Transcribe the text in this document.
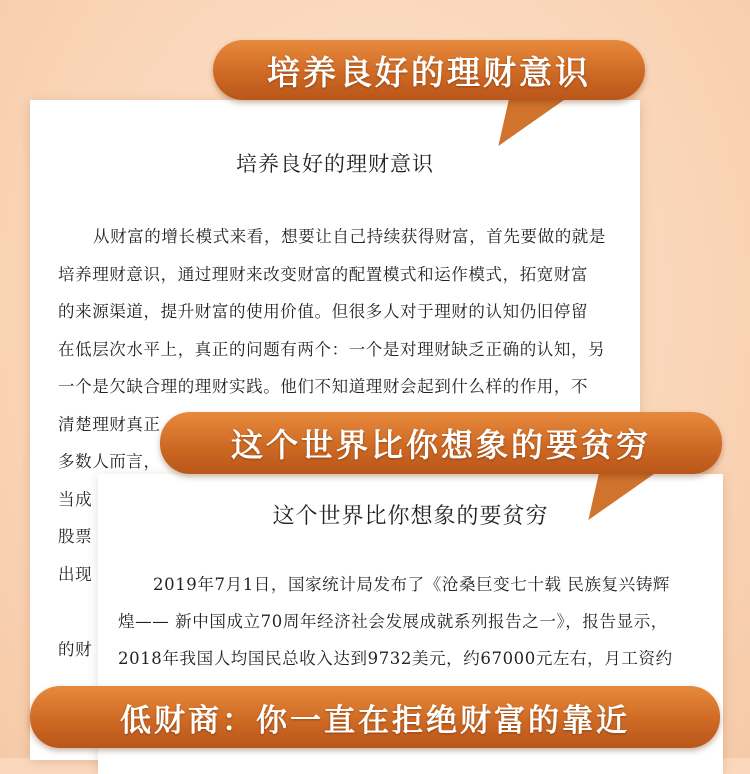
培养良好的理财意识
从财富的增长模式来看，想要让自己持续获得财富，首先要做的就是
培养理财意识，通过理财来改变财富的配置模式和运作模式，拓宽财富
的来源渠道，提升财富的使用价值。但很多人对于理财的认知仍旧停留
在低层次水平上，真正的问题有两个：一个是对理财缺乏正确的认知，另
一个是欠缺合理的理财实践。他们不知道理财会起到什么样的作用，不
清楚理财真正
多数人而言，
当成
股票
出现

的财
培养良好的理财意识
这个世界比你想象的要贫穷
2019年7月1日，国家统计局发布了《沧桑巨变七十载 民族复兴铸辉
煌—— 新中国成立70周年经济社会发展成就系列报告之一》，报告显示，
2018年我国人均国民总收入达到9732美元，约67000元左右，月工资约
这个世界比你想象的要贫穷
低财商：你一直在拒绝财富的靠近
